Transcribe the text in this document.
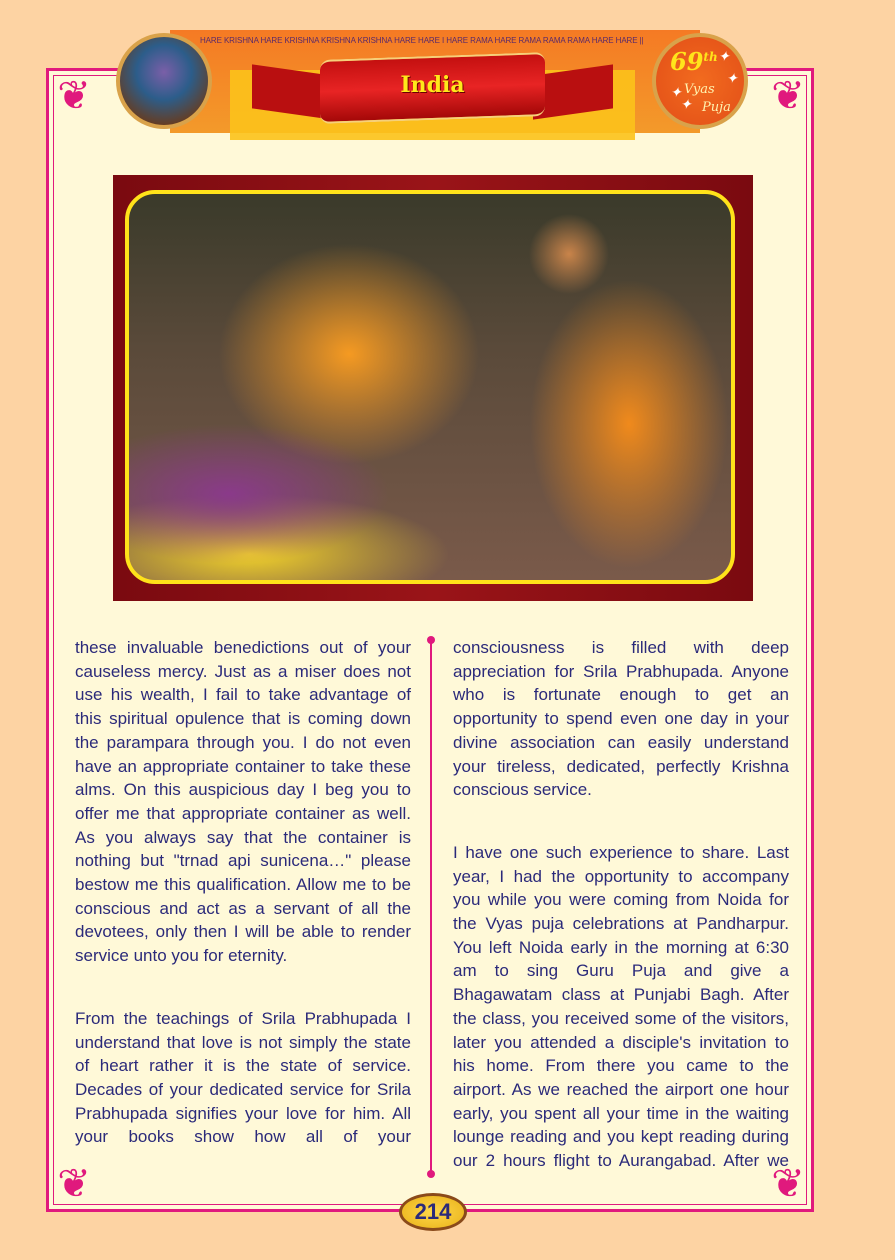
❦	❦
❦	❦
HARE KRISHNA HARE KRISHNA KRISHNA KRISHNA HARE HARE I HARE RAMA HARE RAMA RAMA RAMA HARE HARE ||
India
69th
Vyas
Puja
✦
✦
✦
✦
these invaluable benedictions out of your
causeless mercy. Just as a miser does not
use his wealth, I fail to take advantage of
this spiritual opulence that is coming down
the parampara through you. I do not even
have an appropriate container to take these
alms. On this auspicious day I beg you to
offer me that appropriate container as well.
As you always say that the container is
nothing but "trnad api sunicena…" please
bestow me this qualification. Allow me to be
conscious and act as a servant of all the
devotees, only then I will be able to render
service unto you for eternity.
From the teachings of Srila Prabhupada I
understand that love is not simply the state
of heart rather it is the state of service.
Decades of your dedicated service for Srila
Prabhupada signifies your love for him. All
your books show how all of your
consciousness is filled with deep
appreciation for Srila Prabhupada. Anyone
who is fortunate enough to get an
opportunity to spend even one day in your
divine association can easily understand
your tireless, dedicated, perfectly Krishna
conscious service.
I have one such experience to share. Last
year, I had the opportunity to accompany
you while you were coming from Noida for
the Vyas puja celebrations at Pandharpur.
You left Noida early in the morning at 6:30
am to sing Guru Puja and give a
Bhagawatam class at Punjabi Bagh. After
the class, you received some of the visitors,
later you attended a disciple's invitation to
his home. From there you came to the
airport. As we reached the airport one hour
early, you spent all your time in the waiting
lounge reading and you kept reading during
our 2 hours flight to Aurangabad. After we
214
